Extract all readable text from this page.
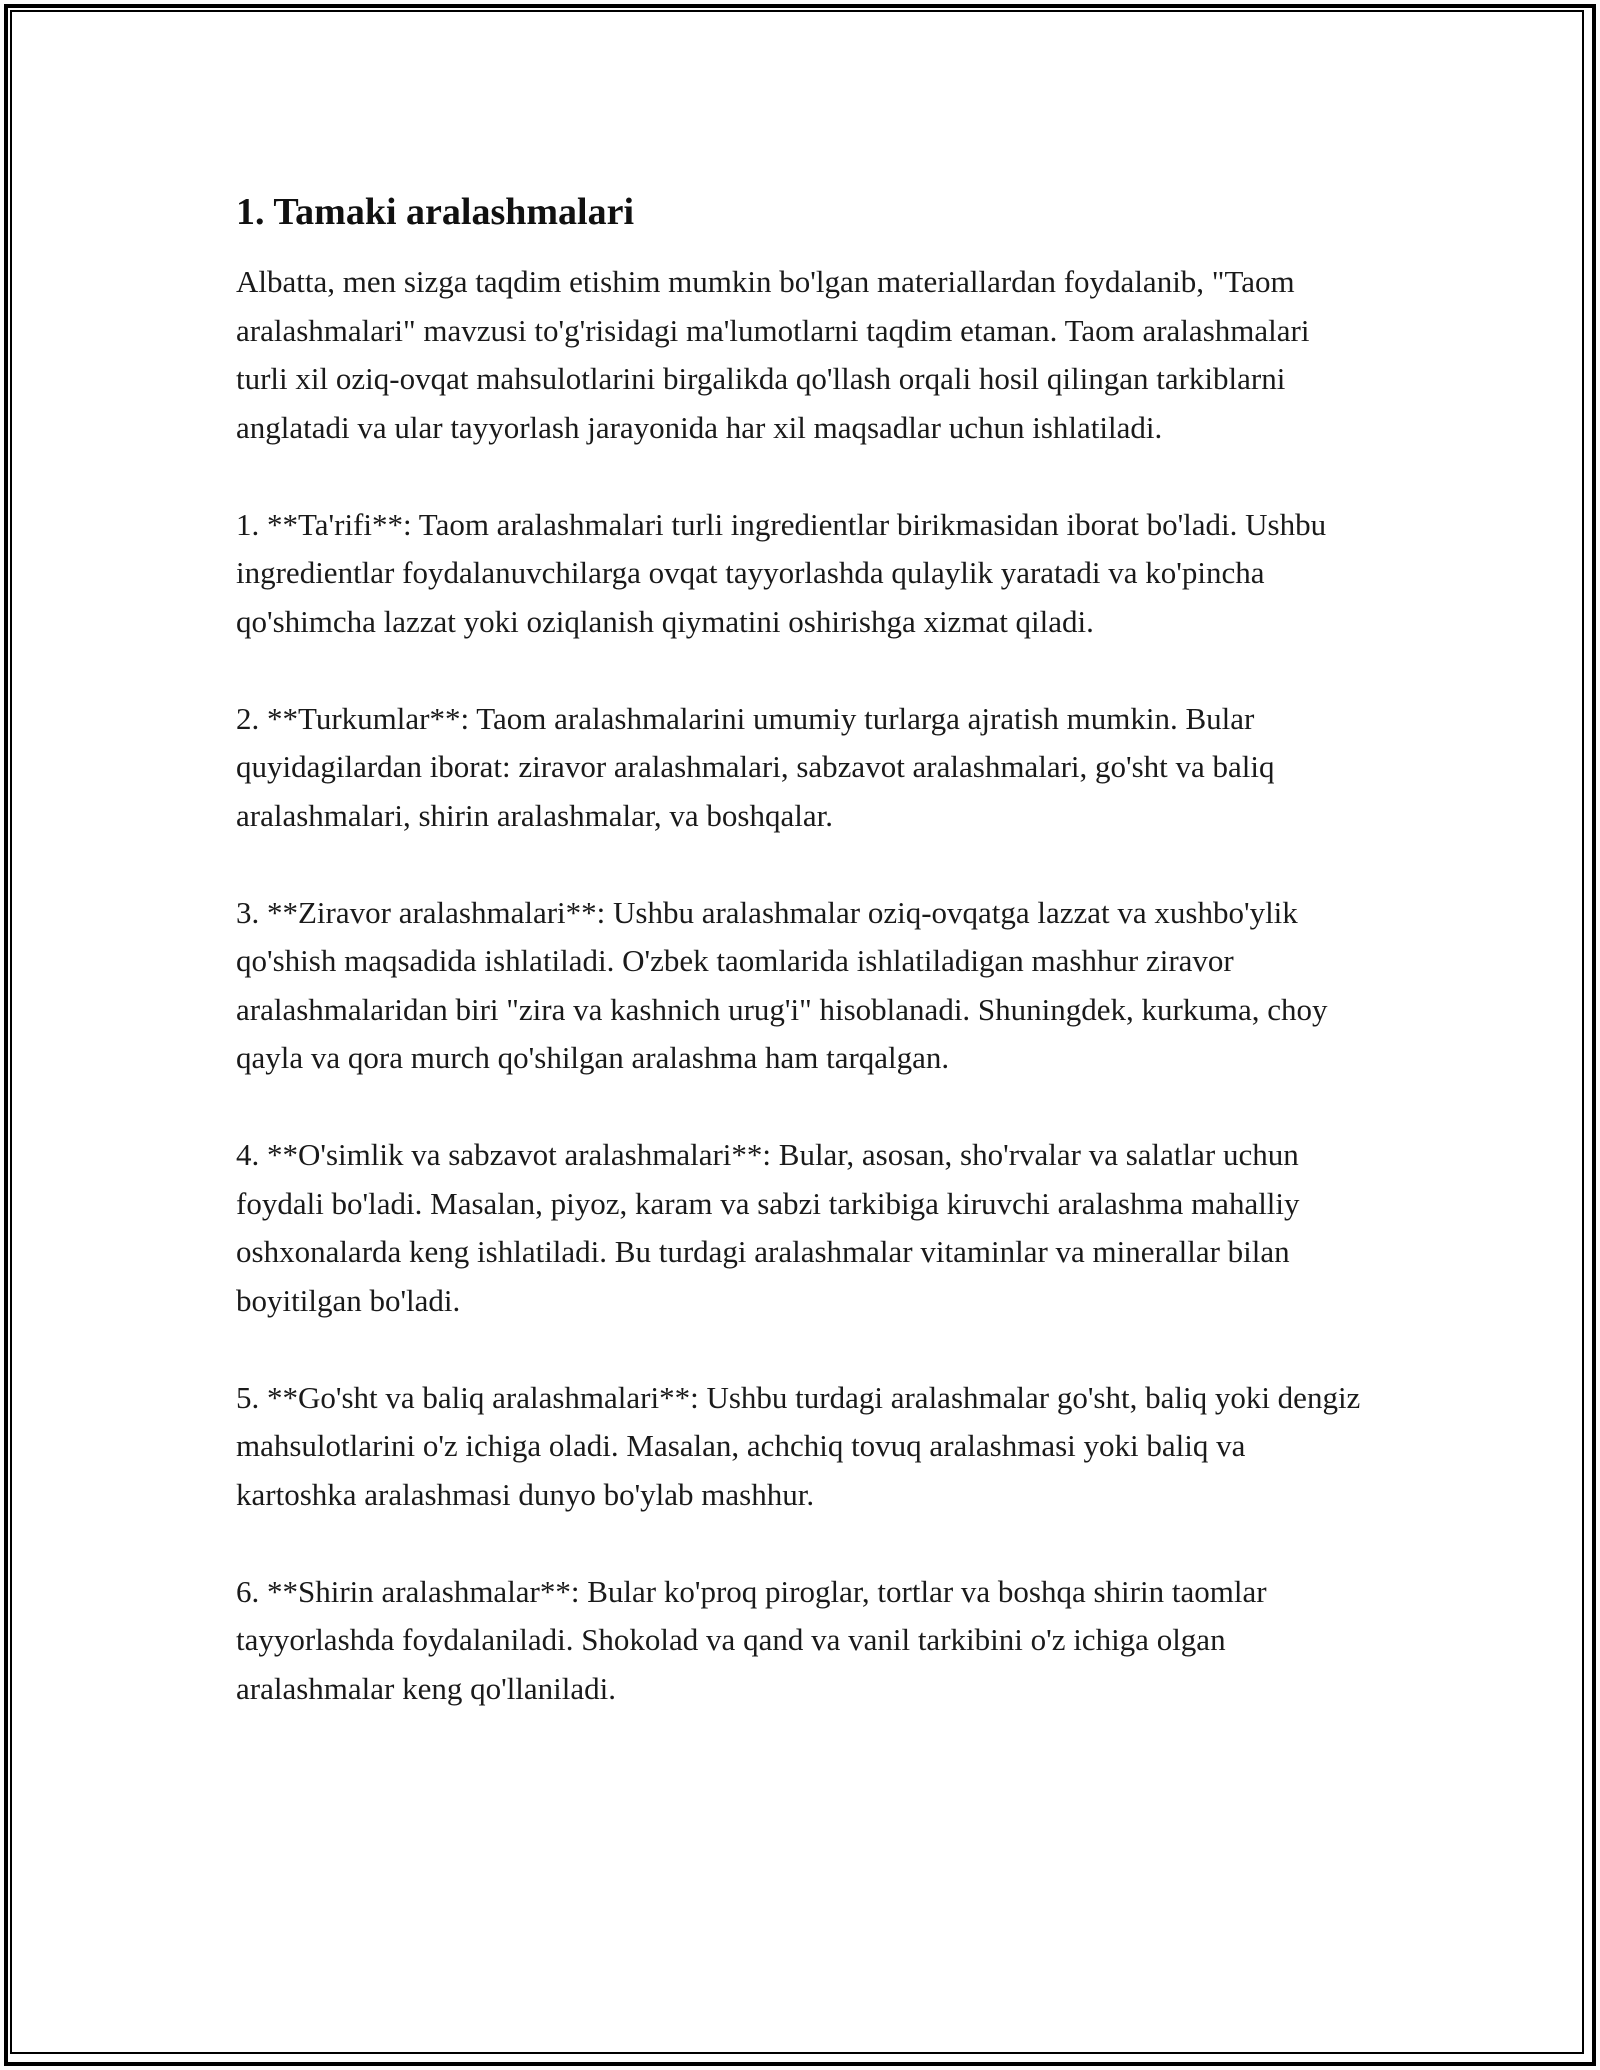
1. Tamaki aralashmalari

Albatta, men sizga taqdim etishim mumkin bo'lgan materiallardan foydalanib, "Taom aralashmalari" mavzusi to'g'risidagi ma'lumotlarni taqdim etaman. Taom aralashmalari turli xil oziq-ovqat mahsulotlarini birgalikda qo'llash orqali hosil qilingan tarkiblarni anglatadi va ular tayyorlash jarayonida har xil maqsadlar uchun ishlatiladi.

1. **Ta'rifi**: Taom aralashmalari turli ingredientlar birikmasidan iborat bo'ladi. Ushbu ingredientlar foydalanuvchilarga ovqat tayyorlashda qulaylik yaratadi va ko'pincha qo'shimcha lazzat yoki oziqlanish qiymatini oshirishga xizmat qiladi.

2. **Turkumlar**: Taom aralashmalarini umumiy turlarga ajratish mumkin. Bular quyidagilardan iborat: ziravor aralashmalari, sabzavot aralashmalari, go'sht va baliq aralashmalari, shirin aralashmalar, va boshqalar.

3. **Ziravor aralashmalari**: Ushbu aralashmalar oziq-ovqatga lazzat va xushbo'ylik qo'shish maqsadida ishlatiladi. O'zbek taomlarida ishlatiladigan mashhur ziravor aralashmalaridan biri "zira va kashnich urug'i" hisoblanadi. Shuningdek, kurkuma, choy qayla va qora murch qo'shilgan aralashma ham tarqalgan.

4. **O'simlik va sabzavot aralashmalari**: Bular, asosan, sho'rvalar va salatlar uchun foydali bo'ladi. Masalan, piyoz, karam va sabzi tarkibiga kiruvchi aralashma mahalliy oshxonalarda keng ishlatiladi. Bu turdagi aralashmalar vitaminlar va minerallar bilan boyitilgan bo'ladi.

5. **Go'sht va baliq aralashmalari**: Ushbu turdagi aralashmalar go'sht, baliq yoki dengiz mahsulotlarini o'z ichiga oladi. Masalan, achchiq tovuq aralashmasi yoki baliq va kartoshka aralashmasi dunyo bo'ylab mashhur.

6. **Shirin aralashmalar**: Bular ko'proq piroglar, tortlar va boshqa shirin taomlar tayyorlashda foydalaniladi. Shokolad va qand va vanil tarkibini o'z ichiga olgan aralashmalar keng qo'llaniladi.
